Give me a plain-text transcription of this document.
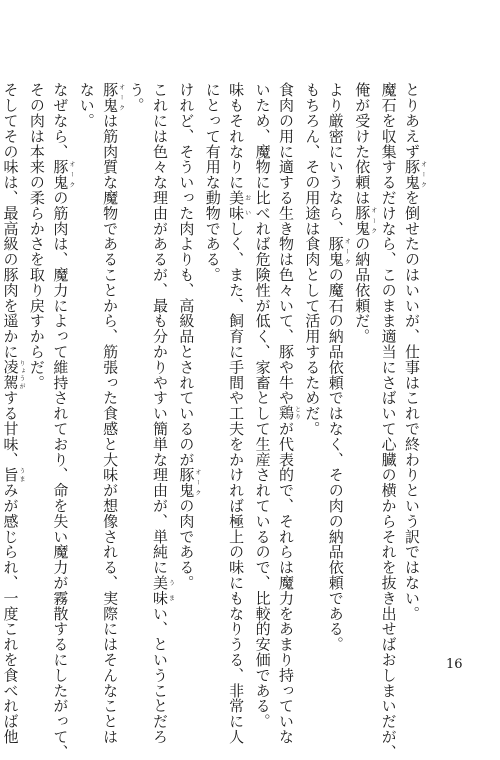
とりあえず豚鬼オークを倒せたのはいいが、仕事はこれで終わりという訳ではない。
魔石を収集するだけなら、このまま適当にさばいて心臓の横からそれを抜き出せばおしまいだが、
俺が受けた依頼は豚鬼オークの納品依頼だ。
より厳密にいうなら、豚鬼オークの魔石の納品依頼ではなく、その肉の納品依頼である。
もちろん、その用途は食肉として活用するためだ。
食肉の用に適する生き物は色々いて、豚や牛や鶏とりが代表的で、それらは魔力をあまり持っていな
いため、魔物に比べれば危険性が低く、家畜として生産されているので、比較的安価である。
味もそれなりに美味おいしく、また、飼育に手間や工夫をかければ極上の味にもなりうる、非常に人
にとって有用な動物である。
けれど、そういった肉よりも、高級品とされているのが豚鬼オークの肉である。
これには色々な理由があるが、最も分かりやすい簡単な理由が、単純に美味うまい、ということだろ
う。
豚鬼オークは筋肉質な魔物であることから、筋張った食感と大味が想像される、実際にはそんなことは
ない。
なぜなら、豚鬼オークの筋肉は、魔力によって維持されており、命を失い魔力が霧散するにしたがって、
その肉は本来の柔らかさを取り戻すからだ。
そしてその味は、最高級の豚肉を遥かに凌駕りょうがする甘味、旨うまみが感じられ、一度これを食べれば他	16
